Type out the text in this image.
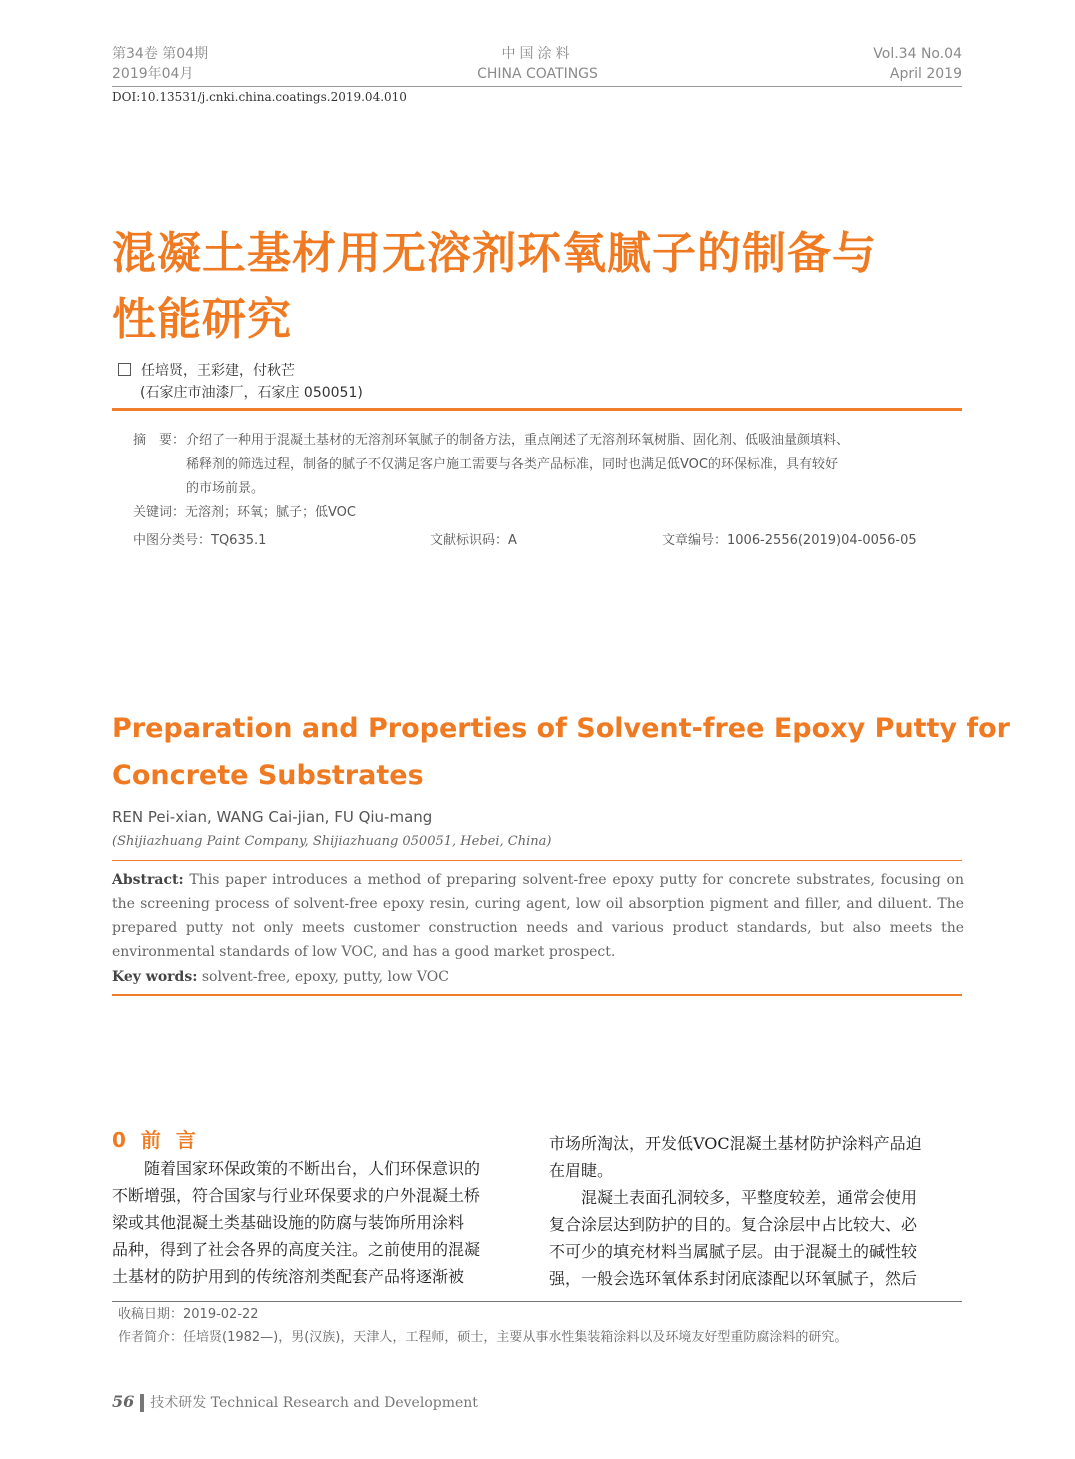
第34卷 第04期
2019年04月
中国涂料
CHINA COATINGS
Vol.34 No.04
April 2019
DOI:10.13531/j.cnki.china.coatings.2019.04.010
混凝土基材用无溶剂环氧腻子的制备与
性能研究
任培贤，王彩建，付秋芒
(石家庄市油漆厂，石家庄 050051)
摘　要： 介绍了一种用于混凝土基材的无溶剂环氧腻子的制备方法，重点阐述了无溶剂环氧树脂、固化剂、低吸油量颜填料、
稀释剂的筛选过程，制备的腻子不仅满足客户施工需要与各类产品标准，同时也满足低VOC的环保标准，具有较好
的市场前景。
关键词：无溶剂；环氧；腻子；低VOC
中图分类号：TQ635.1	文献标识码：A	文章编号：1006-2556(2019)04-0056-05
Preparation and Properties of Solvent-free Epoxy Putty for
Concrete Substrates
REN Pei-xian, WANG Cai-jian, FU Qiu-mang
(Shijiazhuang Paint Company, Shijiazhuang 050051, Hebei, China)
Abstract: This paper introduces a method of preparing solvent-free epoxy putty for concrete substrates, focusing on the screening process of solvent-free epoxy resin, curing agent, low oil absorption pigment and filler, and diluent. The prepared putty not only meets customer construction needs and various product standards, but also meets the environmental standards of low VOC, and has a good market prospect.
Key words: solvent-free, epoxy, putty, low VOC
0 前 言
　　随着国家环保政策的不断出台，人们环保意识的
不断增强，符合国家与行业环保要求的户外混凝土桥
梁或其他混凝土类基础设施的防腐与装饰所用涂料
品种，得到了社会各界的高度关注。之前使用的混凝
土基材的防护用到的传统溶剂类配套产品将逐渐被
市场所淘汰，开发低VOC混凝土基材防护涂料产品迫
在眉睫。
　　混凝土表面孔洞较多，平整度较差，通常会使用
复合涂层达到防护的目的。复合涂层中占比较大、必
不可少的填充材料当属腻子层。由于混凝土的碱性较
强，一般会选环氧体系封闭底漆配以环氧腻子，然后
收稿日期：2019-02-22
作者简介：任培贤(1982—)，男(汉族)，天津人，工程师，硕士，主要从事水性集装箱涂料以及环境友好型重防腐涂料的研究。
56 技术研发 Technical Research and Development
